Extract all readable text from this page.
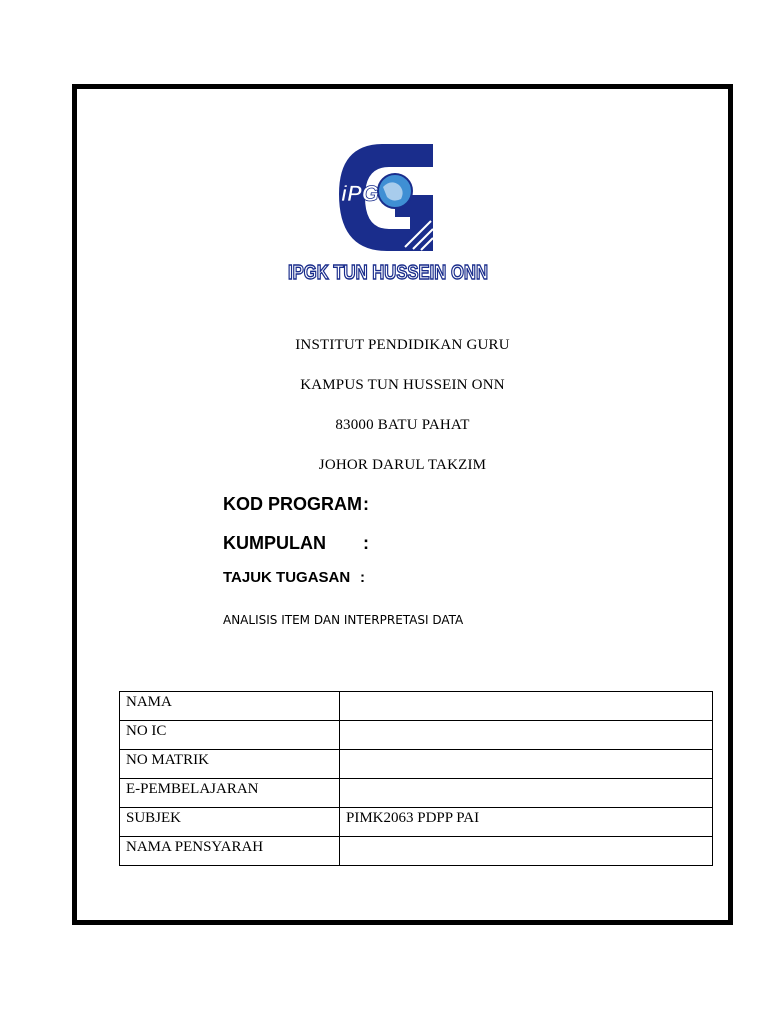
iPG
IPGK TUN HUSSEIN ONN
INSTITUT PENDIDIKAN GURU
KAMPUS TUN HUSSEIN ONN
83000 BATU PAHAT
JOHOR DARUL TAKZIM
KOD PROGRAM :
KUMPULAN :
TAJUK TUGASAN :
ANALISIS ITEM DAN INTERPRETASI DATA
NAMA	
NO IC	
NO MATRIK	
E-PEMBELAJARAN	
SUBJEK	PIMK2063 PDPP PAI
NAMA PENSYARAH	
